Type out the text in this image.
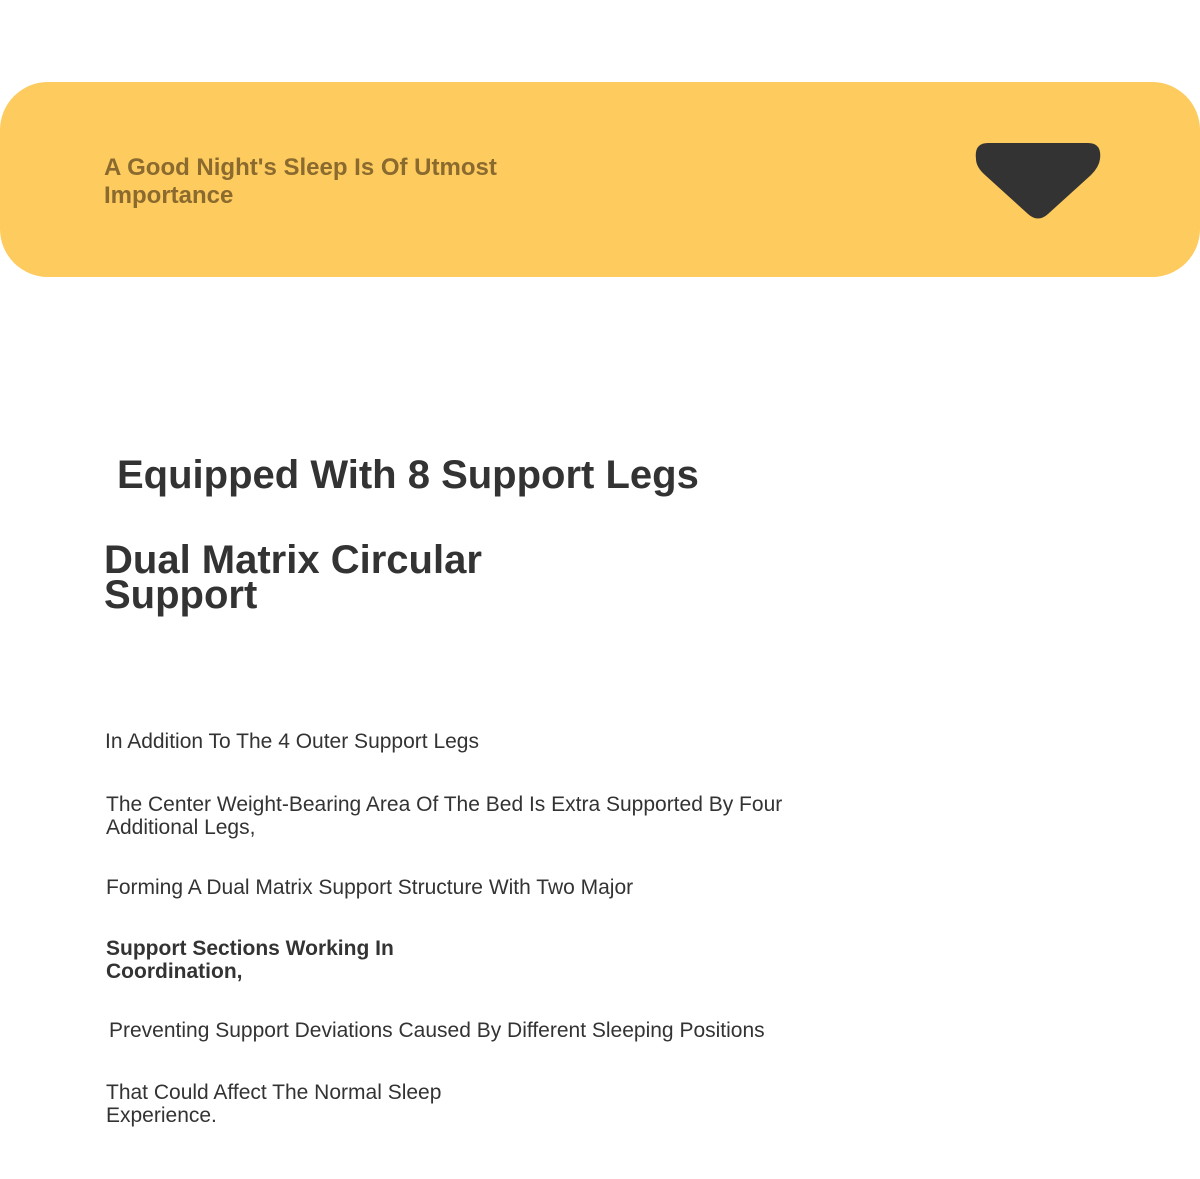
A Good Night's Sleep Is Of Utmost Importance
Equipped With 8 Support Legs
Dual Matrix Circular Support
In Addition To The 4 Outer Support Legs
The Center Weight-Bearing Area Of The Bed Is Extra Supported By Four Additional Legs,
Forming A Dual Matrix Support Structure With Two Major
Support Sections Working In Coordination,
Preventing Support Deviations Caused By Different Sleeping Positions
That Could Affect The Normal Sleep Experience.
